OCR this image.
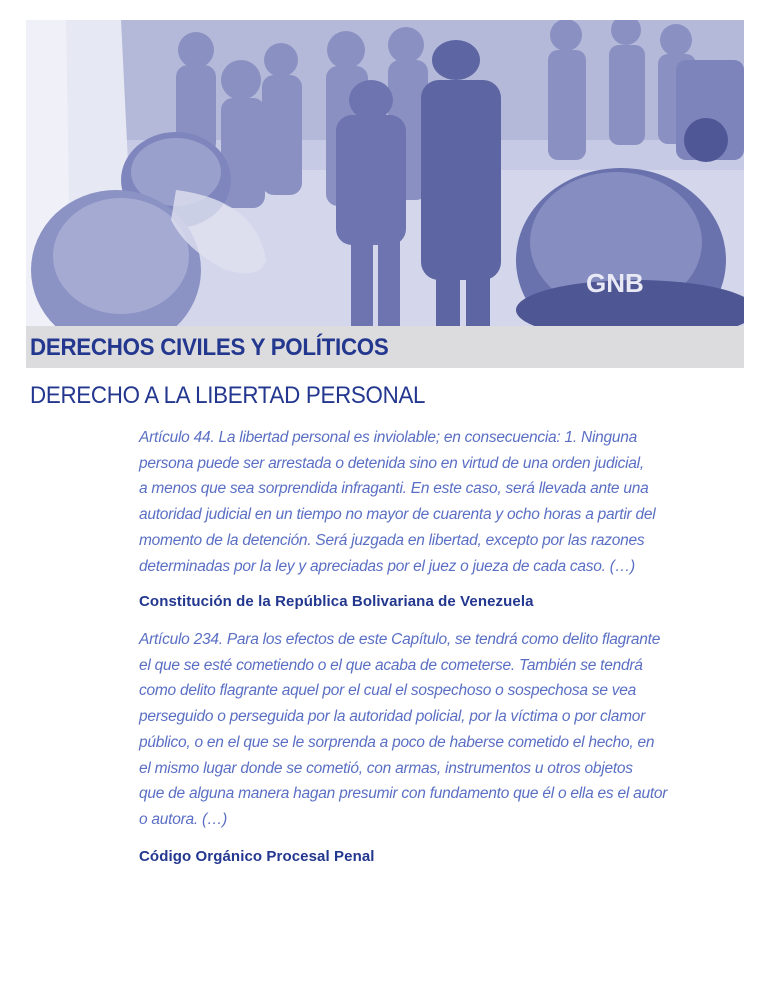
GNB
DERECHOS CIVILES Y POLÍTICOS
DERECHO A LA LIBERTAD PERSONAL

Artículo 44. La libertad personal es inviolable; en consecuencia: 1. Ninguna
persona puede ser arrestada o detenida sino en virtud de una orden judicial,
a menos que sea sorprendida infraganti. En este caso, será llevada ante una
autoridad judicial en un tiempo no mayor de cuarenta y ocho horas a partir del
momento de la detención. Será juzgada en libertad, excepto por las razones
determinadas por la ley y apreciadas por el juez o jueza de cada caso. (…)

Constitución de la República Bolivariana de Venezuela

Artículo 234. Para los efectos de este Capítulo, se tendrá como delito flagrante
el que se esté cometiendo o el que acaba de cometerse. También se tendrá
como delito flagrante aquel por el cual el sospechoso o sospechosa se vea
perseguido o perseguida por la autoridad policial, por la víctima o por clamor
público, o en el que se le sorprenda a poco de haberse cometido el hecho, en
el mismo lugar donde se cometió, con armas, instrumentos u otros objetos
que de alguna manera hagan presumir con fundamento que él o ella es el autor
o autora. (…)

Código Orgánico Procesal Penal
